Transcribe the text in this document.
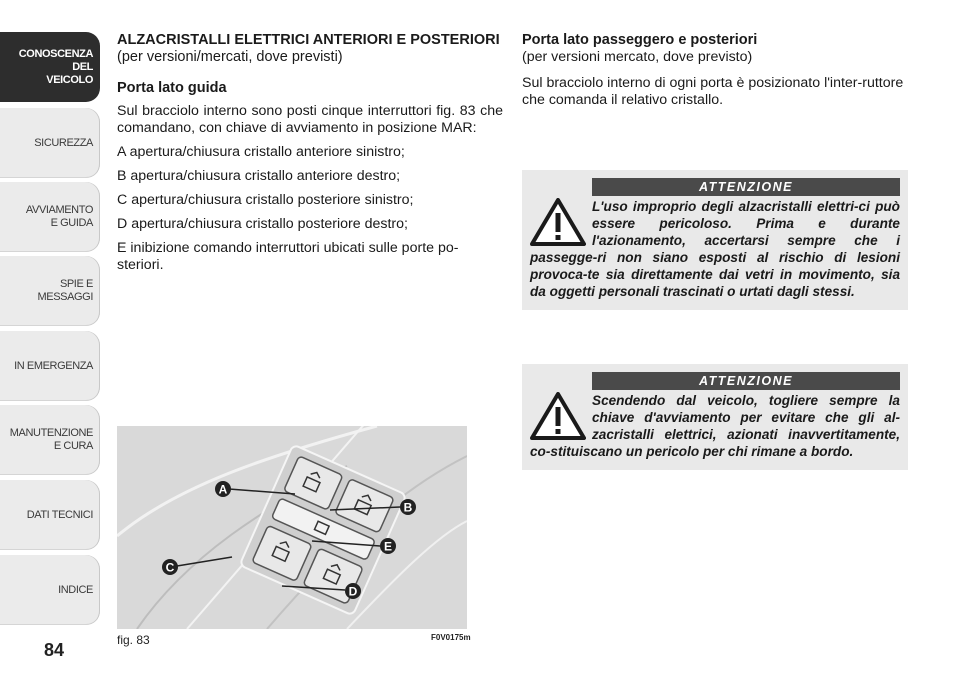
CONOSCENZA
DEL
VEICOLO
SICUREZZA
AVVIAMENTO
E GUIDA
SPIE E
MESSAGGI
IN EMERGENZA
MANUTENZIONE
E CURA
DATI TECNICI
INDICE
84
ALZACRISTALLI ELETTRICI ANTERIORI E POSTERIORI (per versioni/mercati, dove previsti)
Porta lato guida
Sul bracciolo interno sono posti cinque interruttori fig. 83 che comandano, con chiave di avviamento in posizione MAR:
A apertura/chiusura cristallo anteriore sinistro;
B apertura/chiusura cristallo anteriore destro;
C apertura/chiusura cristallo posteriore sinistro;
D apertura/chiusura cristallo posteriore destro;
E inibizione comando interruttori ubicati sulle porte po-steriori.
Porta lato passeggero e posteriori
(per versioni mercato, dove previsto)
Sul bracciolo interno di ogni porta è posizionato l'inter-ruttore che comanda il relativo cristallo.
ATTENZIONE
L'uso improprio degli alzacristalli elettri-ci può essere pericoloso. Prima e durante l'azionamento, accertarsi sempre che i passegge-ri non siano esposti al rischio di lesioni provoca-te sia direttamente dai vetri in movimento, sia da oggetti personali trascinati o urtati dagli stessi.
ATTENZIONE
Scendendo dal veicolo, togliere sempre la chiave d'avviamento per evitare che gli al-zacristalli elettrici, azionati inavvertitamente, co-stituiscano un pericolo per chi rimane a bordo.
A
B
E
C
D
fig. 83	F0V0175m
